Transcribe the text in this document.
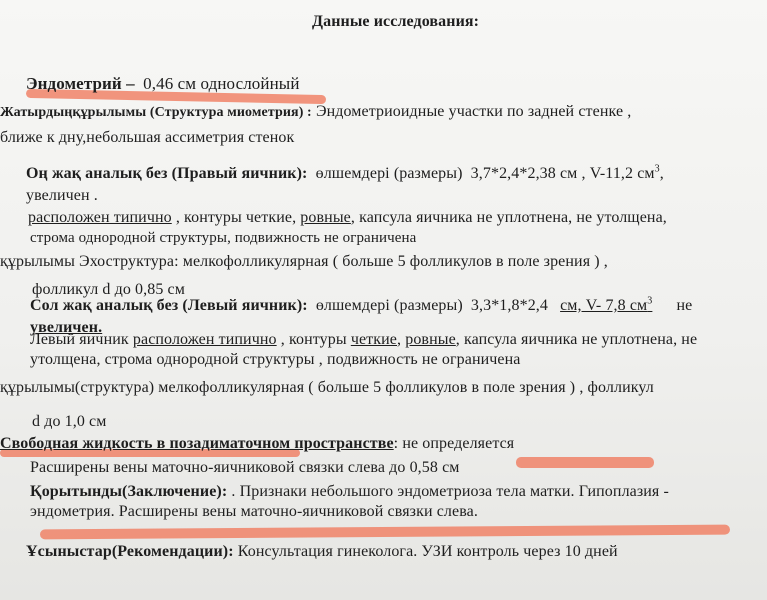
Данные исследования:
Эндометрий – 0,46 см однослойный
Жатырдыңқұрылымы (Структура миометрия) : Эндометриоидные участки по задней стенке ,
ближе к дну,небольшая ассиметрия стенок
Оң жақ аналық без (Правый яичник): өлшемдері (размеры) 3,7*2,4*2,38 см , V-11,2 $см^3$,
увеличен .
расположен типично , контуры четкие, ровные, капсула яичника не уплотнена, не утолщена,
строма однородной структуры, подвижность не ограничена
құрылымы Эхоструктура: мелкофолликулярная ( больше 5 фолликулов в поле зрения ) ,
фолликул d до 0,85 см
Сол жақ аналық без (Левый яичник): өлшемдері (размеры) 3,3*1,8*2,4 см, V- 7,8 $см^3$ не
увеличен.
Левый яичник расположен типично , контуры четкие, ровные, капсула яичника не уплотнена, не
утолщена, строма однородной структуры , подвижность не ограничена
құрылымы(структура) мелкофолликулярная ( больше 5 фолликулов в поле зрения ) , фолликул
d до 1,0 см
Свободная жидкость в позадиматочном пространстве: не определяется
Расширены вены маточно-яичниковой связки слева до 0,58 см
Қорытынды(Заключение): . Признаки небольшого эндометриоза тела матки. Гипоплазия -
эндометрия. Расширены вены маточно-яичниковой связки слева.
Ұсыныстар(Рекомендации): Консультация гинеколога. УЗИ контроль через 10 дней
